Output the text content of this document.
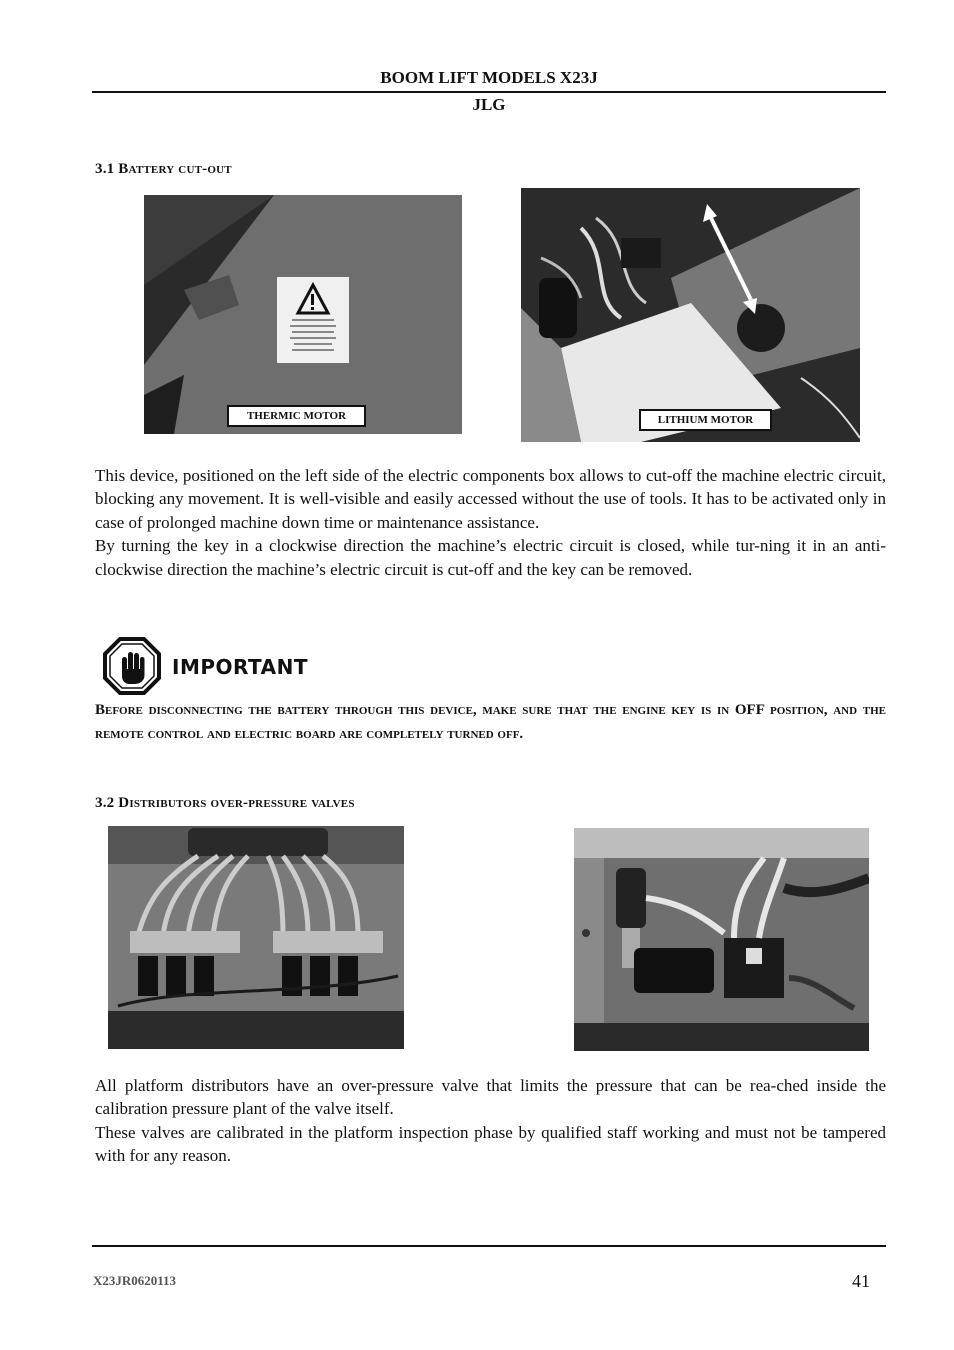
BOOM LIFT MODELS X23J
JLG
3.1 Battery cut-out
THERMIC MOTOR	LITHIUM MOTOR

This device, positioned on the left side of the electric components box allows to cut-off the machine electric circuit, blocking any movement. It is well-visible and easily accessed without the use of tools. It has to be activated only in case of prolonged machine down time or maintenance assistance.

By turning the key in a clockwise direction the machine’s electric circuit is closed, while tur-ning it in an anti-clockwise direction the machine’s electric circuit is cut-off and the key can be removed.

IMPORTANT
Before disconnecting the battery through this device, make sure that the engine key is in OFF position, and the remote control and electric board are completely turned off.
3.2 Distributors over-pressure valves

All platform distributors have an over-pressure valve that limits the pressure that can be rea-ched inside the calibration pressure plant of the valve itself.

These valves are calibrated in the platform inspection phase by qualified staff working and must not be tampered with for any reason.

X23JR0620113	41
